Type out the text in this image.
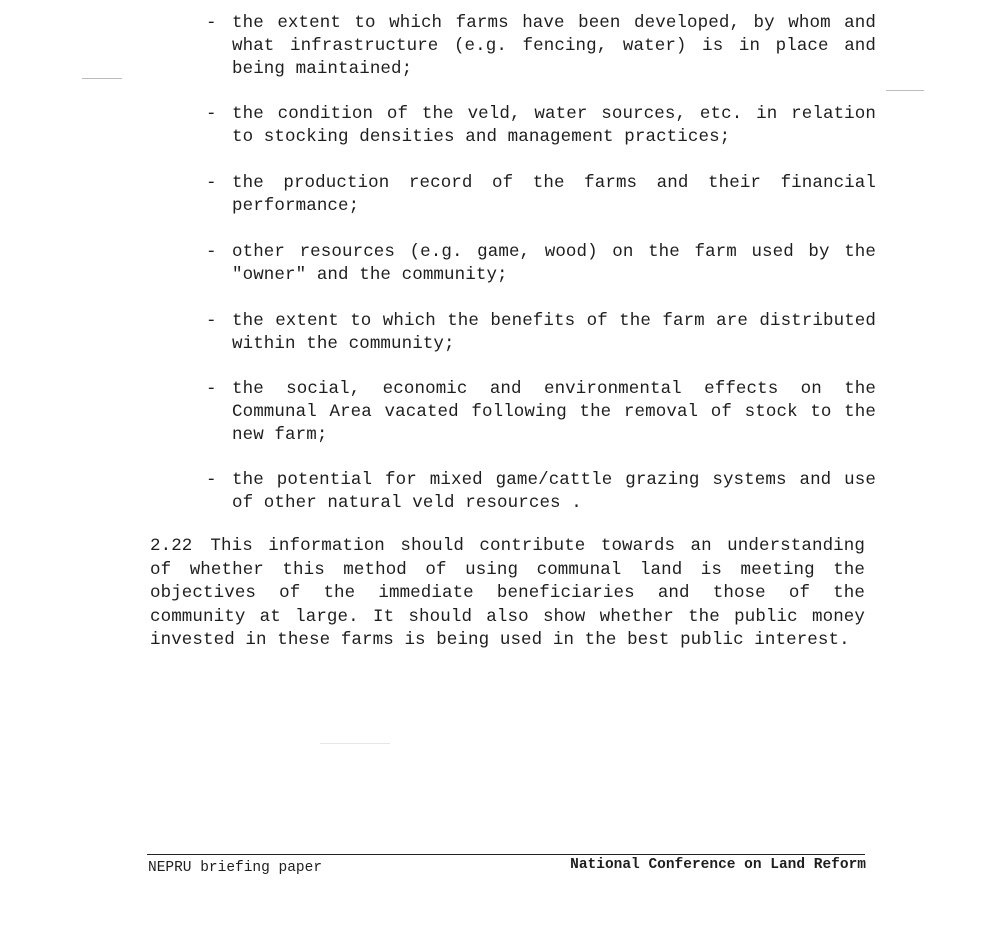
- the extent to which farms have been developed, by whom and what infrastructure (e.g. fencing, water) is in place and being maintained;
- the condition of the veld, water sources, etc. in relation to stocking densities and management practices;
- the production record of the farms and their financial performance;
- other resources (e.g. game, wood) on the farm used by the "owner" and the community;
- the extent to which the benefits of the farm are distributed within the community;
- the social, economic and environmental effects on the Communal Area vacated following the removal of stock to the new farm;
- the potential for mixed game/cattle grazing systems and use of other natural veld resources .

2.22 This information should contribute towards an understanding of whether this method of using communal land is meeting the objectives of the immediate beneficiaries and those of the community at large. It should also show whether the public money invested in these farms is being used in the best public interest.

NEPRU briefing paper	National Conference on Land Reform
